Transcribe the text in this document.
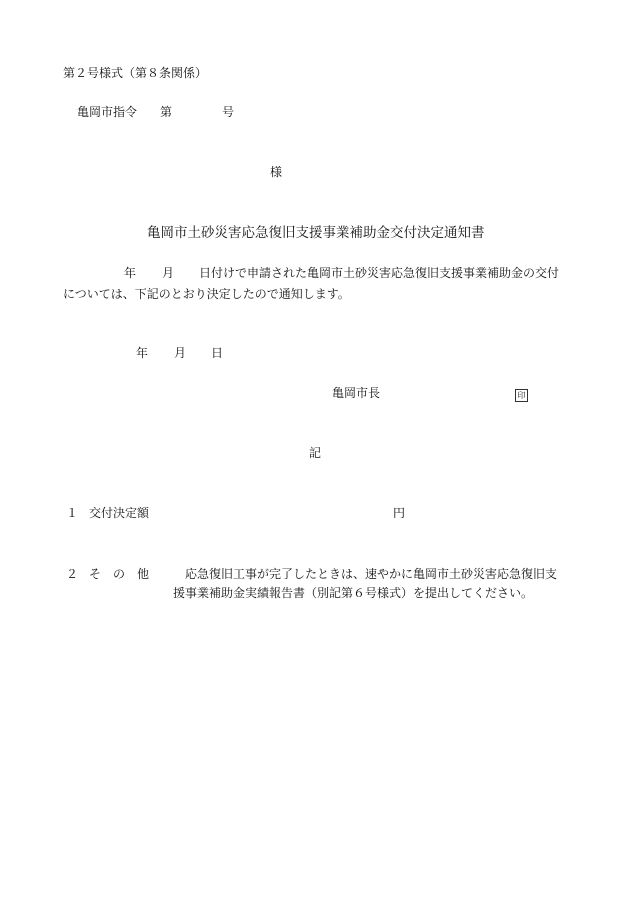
第２号様式（第８条関係）
亀岡市指令 第	号
様
亀岡市土砂災害応急復旧支援事業補助金交付決定通知書
年 月 日付けで申請された亀岡市土砂災害応急復旧支援事業補助金の交付
については、下記のとおり決定したので通知します。
年 月 日
亀岡市長	印
記
１ 交付決定額	円
２ そ の 他	応急復旧工事が完了したときは、速やかに亀岡市土砂災害応急復旧支
援事業補助金実績報告書（別記第６号様式）を提出してください。
